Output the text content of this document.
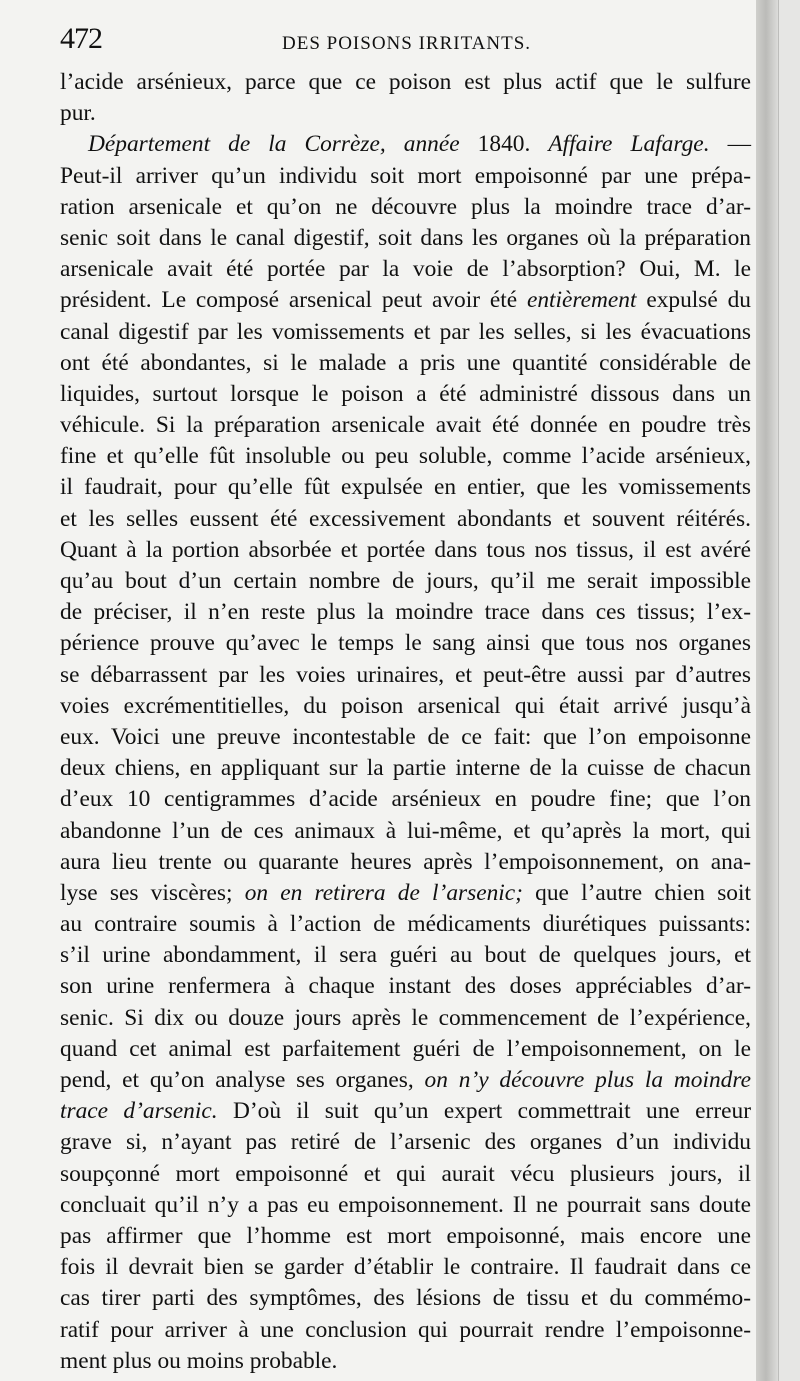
472	DES POISONS IRRITANTS.
l’acide arsénieux, parce que ce poison est plus actif que le sulfure
pur.
Département de la Corrèze, année 1840. Affaire Lafarge. —
Peut-il arriver qu’un individu soit mort empoisonné par une prépa-
ration arsenicale et qu’on ne découvre plus la moindre trace d’ar-
senic soit dans le canal digestif, soit dans les organes où la préparation
arsenicale avait été portée par la voie de l’absorption? Oui, M. le
président. Le composé arsenical peut avoir été entièrement expulsé du
canal digestif par les vomissements et par les selles, si les évacuations
ont été abondantes, si le malade a pris une quantité considérable de
liquides, surtout lorsque le poison a été administré dissous dans un
véhicule. Si la préparation arsenicale avait été donnée en poudre très
fine et qu’elle fût insoluble ou peu soluble, comme l’acide arsénieux,
il faudrait, pour qu’elle fût expulsée en entier, que les vomissements
et les selles eussent été excessivement abondants et souvent réitérés.
Quant à la portion absorbée et portée dans tous nos tissus, il est avéré
qu’au bout d’un certain nombre de jours, qu’il me serait impossible
de préciser, il n’en reste plus la moindre trace dans ces tissus; l’ex-
périence prouve qu’avec le temps le sang ainsi que tous nos organes
se débarrassent par les voies urinaires, et peut-être aussi par d’autres
voies excrémentitielles, du poison arsenical qui était arrivé jusqu’à
eux. Voici une preuve incontestable de ce fait: que l’on empoisonne
deux chiens, en appliquant sur la partie interne de la cuisse de chacun
d’eux 10 centigrammes d’acide arsénieux en poudre fine; que l’on
abandonne l’un de ces animaux à lui-même, et qu’après la mort, qui
aura lieu trente ou quarante heures après l’empoisonnement, on ana-
lyse ses viscères; on en retirera de l’arsenic; que l’autre chien soit
au contraire soumis à l’action de médicaments diurétiques puissants:
s’il urine abondamment, il sera guéri au bout de quelques jours, et
son urine renfermera à chaque instant des doses appréciables d’ar-
senic. Si dix ou douze jours après le commencement de l’expérience,
quand cet animal est parfaitement guéri de l’empoisonnement, on le
pend, et qu’on analyse ses organes, on n’y découvre plus la moindre
trace d’arsenic. D’où il suit qu’un expert commettrait une erreur
grave si, n’ayant pas retiré de l’arsenic des organes d’un individu
soupçonné mort empoisonné et qui aurait vécu plusieurs jours, il
concluait qu’il n’y a pas eu empoisonnement. Il ne pourrait sans doute
pas affirmer que l’homme est mort empoisonné, mais encore une
fois il devrait bien se garder d’établir le contraire. Il faudrait dans ce
cas tirer parti des symptômes, des lésions de tissu et du commémo-
ratif pour arriver à une conclusion qui pourrait rendre l’empoisonne-
ment plus ou moins probable.
